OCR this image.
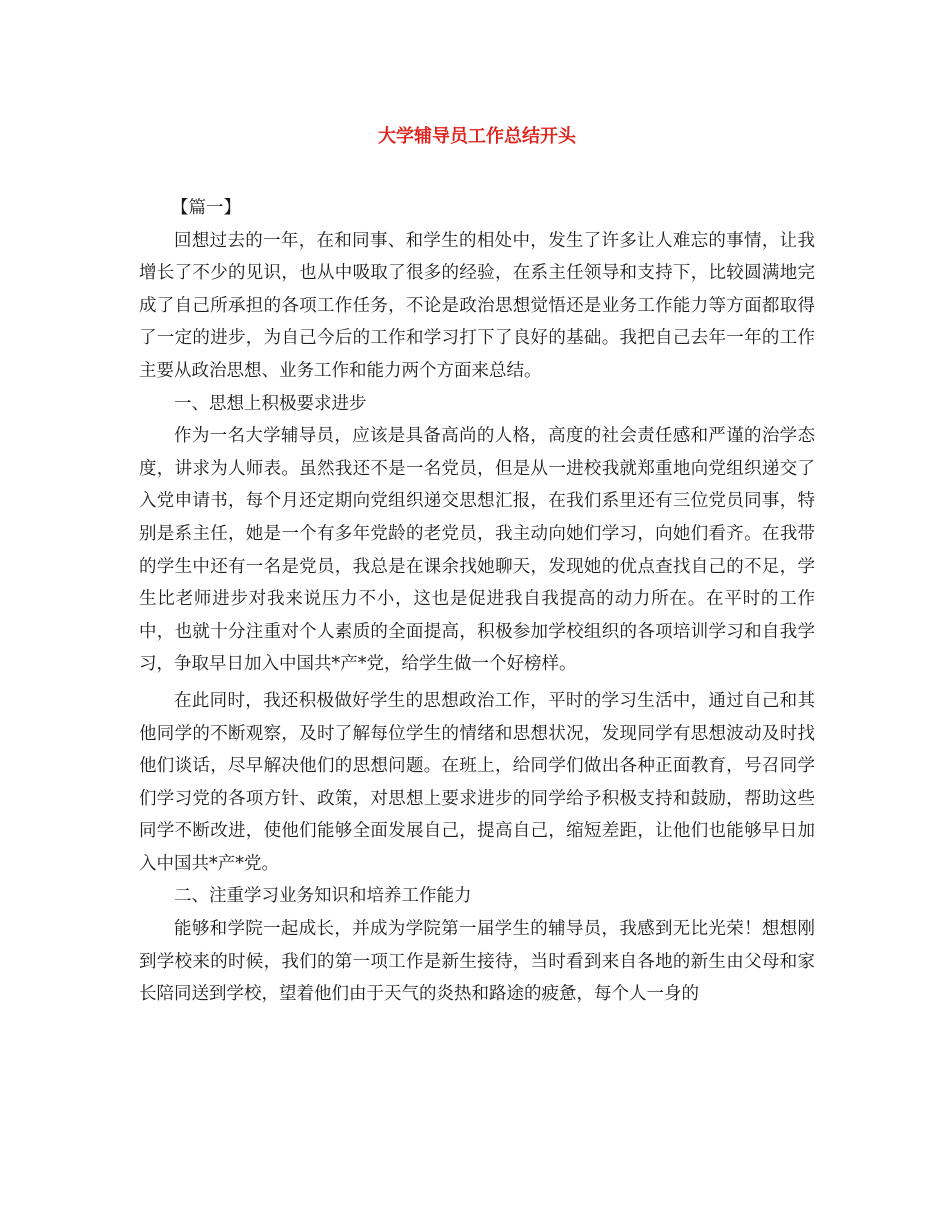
大学辅导员工作总结开头

【篇一】

回想过去的一年，在和同事、和学生的相处中，发生了许多让人难忘的事情，让我增长了不少的见识，也从中吸取了很多的经验，在系主任领导和支持下，比较圆满地完成了自己所承担的各项工作任务，不论是政治思想觉悟还是业务工作能力等方面都取得了一定的进步，为自己今后的工作和学习打下了良好的基础。我把自己去年一年的工作主要从政治思想、业务工作和能力两个方面来总结。

一、思想上积极要求进步

作为一名大学辅导员，应该是具备高尚的人格，高度的社会责任感和严谨的治学态度，讲求为人师表。虽然我还不是一名党员，但是从一进校我就郑重地向党组织递交了入党申请书，每个月还定期向党组织递交思想汇报，在我们系里还有三位党员同事，特别是系主任，她是一个有多年党龄的老党员，我主动向她们学习，向她们看齐。在我带的学生中还有一名是党员，我总是在课余找她聊天，发现她的优点查找自己的不足，学生比老师进步对我来说压力不小，这也是促进我自我提高的动力所在。在平时的工作中，也就十分注重对个人素质的全面提高，积极参加学校组织的各项培训学习和自我学习，争取早日加入中国共*产*党，给学生做一个好榜样。

在此同时，我还积极做好学生的思想政治工作，平时的学习生活中，通过自己和其他同学的不断观察，及时了解每位学生的情绪和思想状况，发现同学有思想波动及时找他们谈话，尽早解决他们的思想问题。在班上，给同学们做出各种正面教育，号召同学们学习党的各项方针、政策，对思想上要求进步的同学给予积极支持和鼓励，帮助这些同学不断改进，使他们能够全面发展自己，提高自己，缩短差距，让他们也能够早日加入中国共*产*党。

二、注重学习业务知识和培养工作能力

能够和学院一起成长，并成为学院第一届学生的辅导员，我感到无比光荣！想想刚到学校来的时候，我们的第一项工作是新生接待，当时看到来自各地的新生由父母和家长陪同送到学校，望着他们由于天气的炎热和路途的疲惫，每个人一身的
